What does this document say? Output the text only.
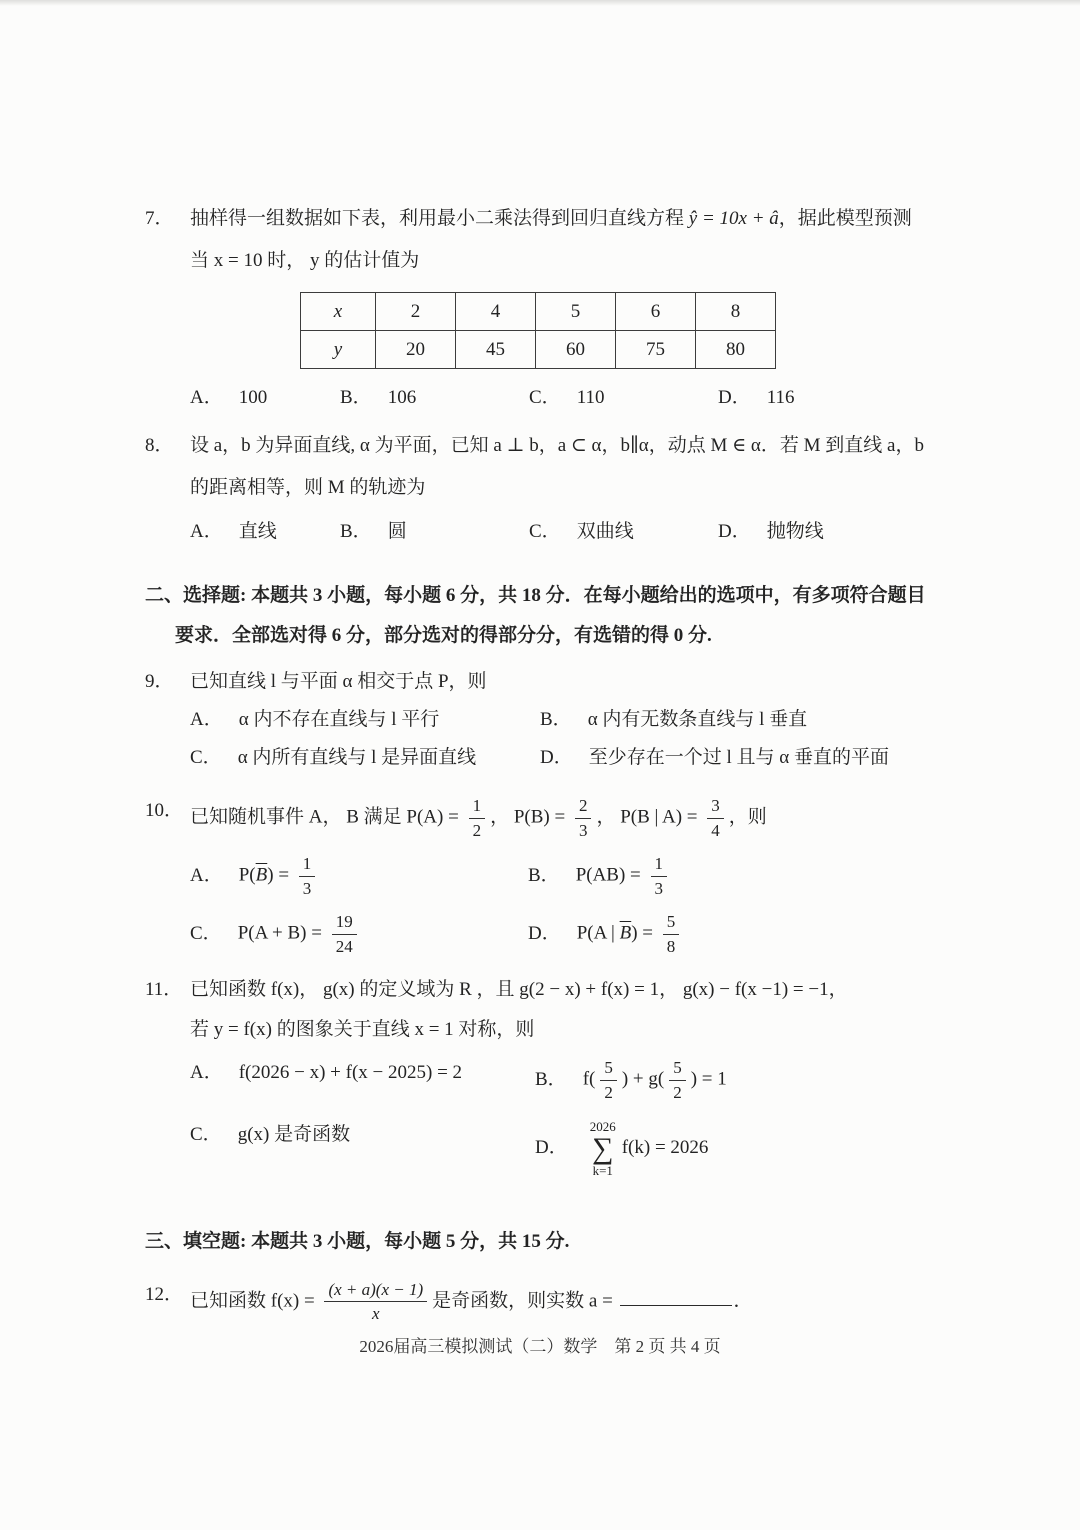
7． 抽样得一组数据如下表，利用最小二乘法得到回归直线方程 ŷ = 10x + â，据此模型预测

当 x = 10 时， y 的估计值为

x	2	4	5	6	8
y	20	45	60	75	80
A． 100	B． 106	C． 110	D． 116
8． 设 a，b 为异面直线, α 为平面，已知 a ⊥ b，a ⊂ α，b∥α，动点 M ∈ α．若 M 到直线 a，b

的距离相等，则 M 的轨迹为

A． 直线	B． 圆	C． 双曲线	D． 抛物线

二、选择题: 本题共 3 小题，每小题 6 分，共 18 分．在每小题给出的选项中，有多项符合题目

要求．全部选对得 6 分，部分选对的得部分分，有选错的得 0 分.

9． 已知直线 l 与平面 α 相交于点 P，则

A． α 内不存在直线与 l 平行	B． α 内有无数条直线与 l 垂直
C． α 内所有直线与 l 是异面直线	D． 至少存在一个过 l 且与 α 垂直的平面
10． 已知随机事件 A， B 满足 $P(A) = \frac{1}{2}$ ， $P(B) = \frac{2}{3}$ ， P(B | $A) = \frac{3}{4}$ ，则

A． $P(\overline{B}) = \frac{1}{3}$	B． $P(AB) = \frac{1}{3}$
C． $P(A + B) = \frac{19}{24}$	D． P(A | $\overline{B}) = \frac{5}{8}$
11． 已知函数 f(x)， g(x) 的定义域为 R ，且 g(2 − x) + f(x) = 1， g(x) − f(x −1) = −1，

若 y = f(x) 的图象关于直线 x = 1 对称，则

A． f(2026 − x) + f(x − 2025) = 2	B． $f( \frac{5}{2}$ ) + $g( \frac{5}{2}$ ) = 1
C． g(x) 是奇函数
D．
2026
∑
k=1
f(k) = 2026

三、填空题: 本题共 3 小题，每小题 5 分，共 15 分.

12． 已知函数 $f(x) = \frac{(x + a)(x - 1)}{x}$ 是奇函数，则实数 a =	．

2026届高三模拟测试（二）数学　第 2 页 共 4 页
